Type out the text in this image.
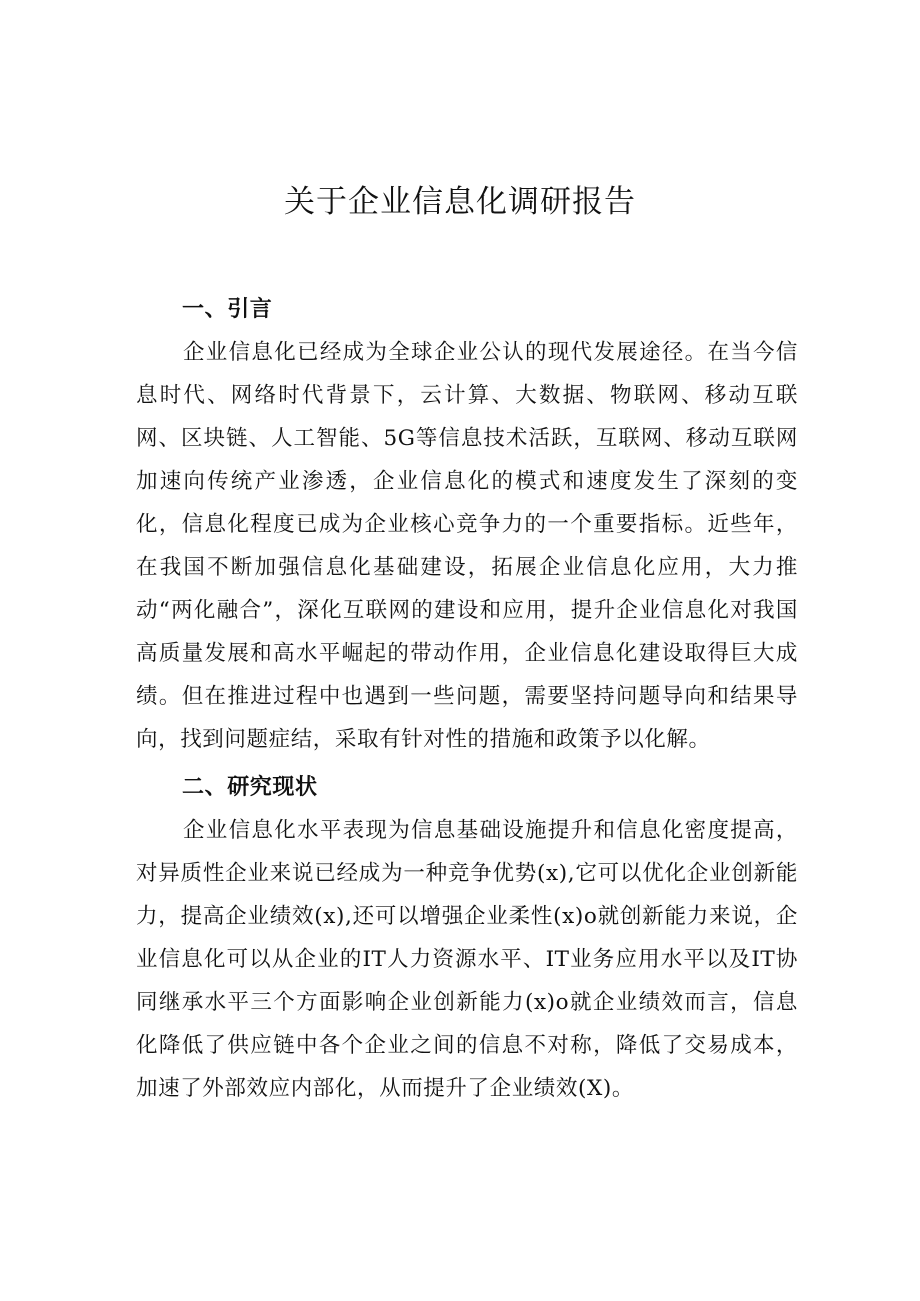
关于企业信息化调研报告
一、引言

企业信息化已经成为全球企业公认的现代发展途径。在当今信息时代、网络时代背景下，云计算、大数据、物联网、移动互联网、区块链、人工智能、5G等信息技术活跃，互联网、移动互联网加速向传统产业渗透，企业信息化的模式和速度发生了深刻的变化，信息化程度已成为企业核心竞争力的一个重要指标。近些年，在我国不断加强信息化基础建设，拓展企业信息化应用，大力推动“两化融合”，深化互联网的建设和应用，提升企业信息化对我国高质量发展和高水平崛起的带动作用，企业信息化建设取得巨大成绩。但在推进过程中也遇到一些问题，需要坚持问题导向和结果导向，找到问题症结，采取有针对性的措施和政策予以化解。

二、研究现状

企业信息化水平表现为信息基础设施提升和信息化密度提高，对异质性企业来说已经成为一种竞争优势(x),它可以优化企业创新能力，提高企业绩效(x),还可以增强企业柔性(x)o就创新能力来说，企业信息化可以从企业的IT人力资源水平、IT业务应用水平以及IT协同继承水平三个方面影响企业创新能力(x)o就企业绩效而言，信息化降低了供应链中各个企业之间的信息不对称，降低了交易成本，加速了外部效应内部化，从而提升了企业绩效(X)。
